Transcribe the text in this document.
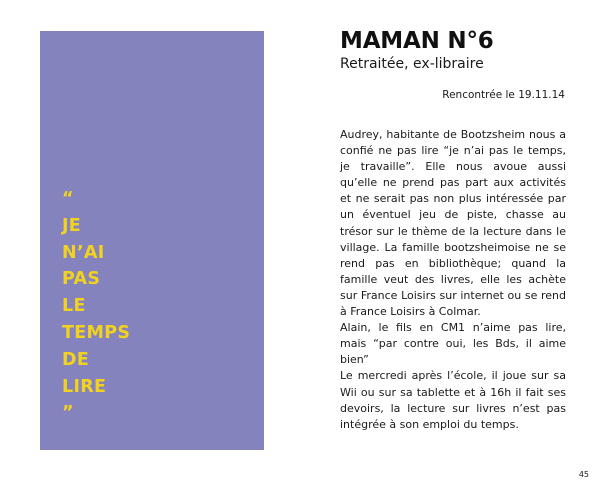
“
JE
N’AI
PAS
LE
TEMPS
DE
LIRE
”
MAMAN N°6

Retraitée, ex-libraire

Rencontrée le 19.11.14

Audrey, habitante de Bootzsheim nous a confié ne pas lire “je n’ai pas le temps, je travaille”. Elle nous avoue aussi qu’elle ne prend pas part aux activités et ne serait pas non plus intéressée par un éventuel jeu de piste, chasse au trésor sur le thème de la lecture dans le village. La famille bootzsheimoise ne se rend pas en bibliothèque; quand la famille veut des livres, elle les achète sur France Loisirs sur internet ou se rend à France Loisirs à Colmar.

Alain, le fils en CM1 n’aime pas lire, mais “par contre oui, les Bds, il aime bien”

Le mercredi après l’école, il joue sur sa Wii ou sur sa tablette et à 16h il fait ses devoirs, la lecture sur livres n’est pas intégrée à son emploi du temps.

45
